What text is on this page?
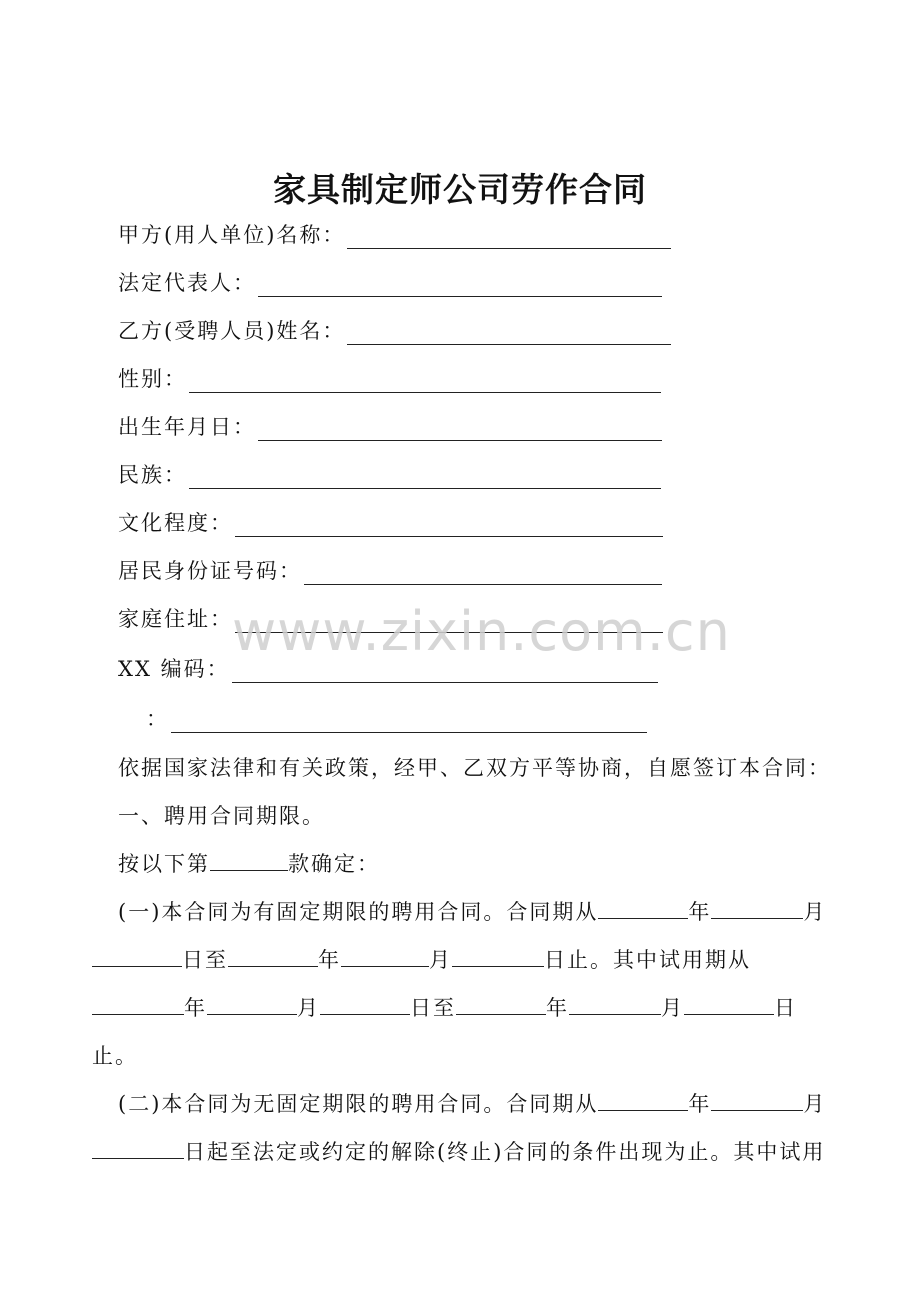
家具制定师公司劳作合同
甲方(用人单位)名称：
法定代表人：
乙方(受聘人员)姓名：
性别：
出生年月日：
民族：
文化程度：
居民身份证号码：
家庭住址：
XX 编码：
：
www.zixin.com.cn
依据国家法律和有关政策，经甲、乙双方平等协商，自愿签订本合同：
一、聘用合同期限。
按以下第	款确定：
(一)本合同为有固定期限的聘用合同。合同期从	年	月
日至	年	月	日止。其中试用期从
年	月	日至	年	月	日
止。
(二)本合同为无固定期限的聘用合同。合同期从	年	月
日起至法定或约定的解除(终止)合同的条件出现为止。其中试用
